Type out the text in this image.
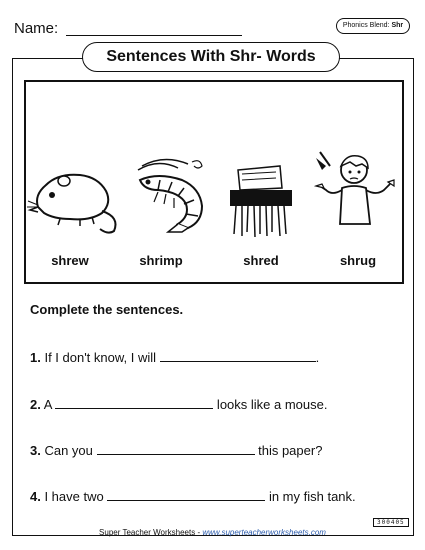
Name:	Phonics Blend: Shr
Sentences With Shr- Words
shrew	shrimp	shred	shrug
Complete the sentences.
1. If I don't know, I will	.
2. A	looks like a mouse.
3. Can you	this paper?
4. I have two	in my fish tank.
300405
Super Teacher Worksheets - www.superteacherworksheets.com
